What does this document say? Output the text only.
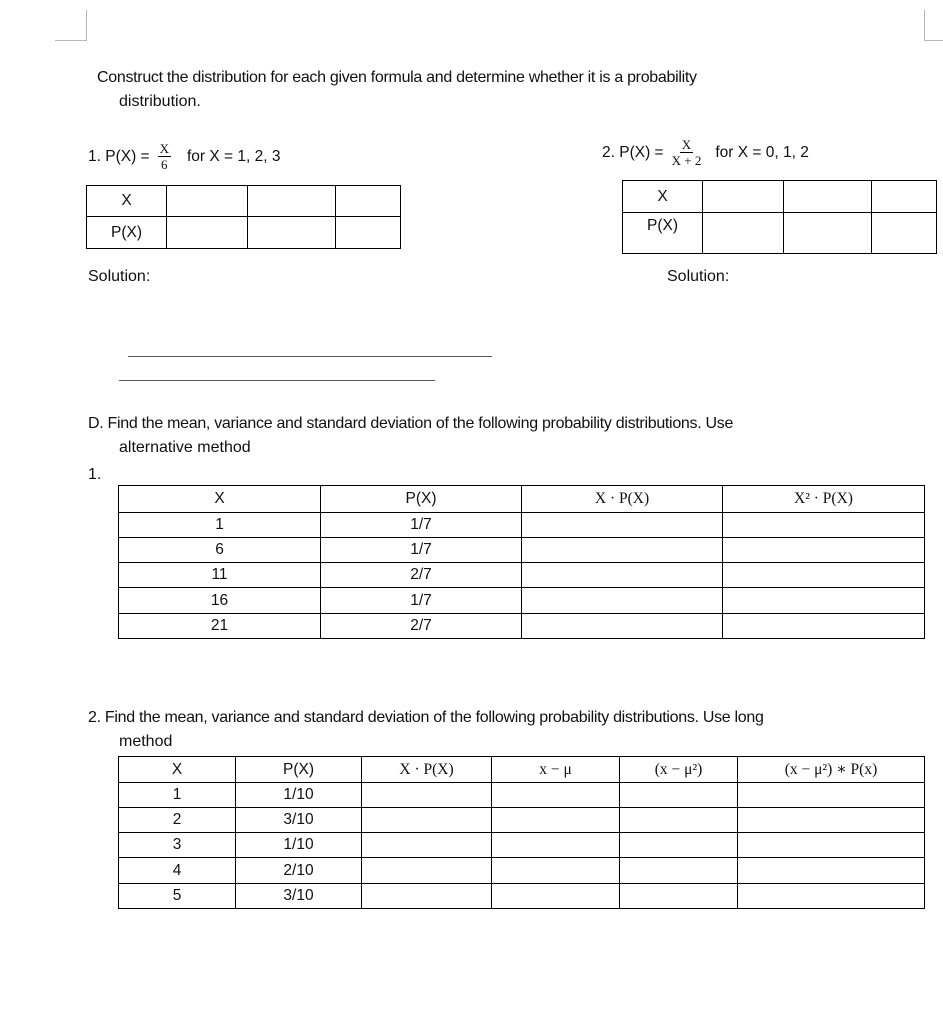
Construct the distribution for each given formula and determine whether it is a probability
distribution.
1. $P(X) = \frac{X}{6}$ for X = 1, 2, 3
X			
P(X)			
Solution:
2. $P(X) = \frac{X}{X + 2}$ for X = 0, 1, 2
X			
P(X)			
Solution:
D. Find the mean, variance and standard deviation of the following probability distributions. Use
alternative method
1.
X	P(X)	X · P(X)	X² · P(X)
1	1/7		
6	1/7		
11	2/7		
16	1/7		
21	2/7		
2. Find the mean, variance and standard deviation of the following probability distributions. Use long
method
X	P(X)	X · P(X)	x − μ	(x − μ²)	(x − μ²) ∗ P(x)
1	1/10				
2	3/10				
3	1/10				
4	2/10				
5	3/10				
